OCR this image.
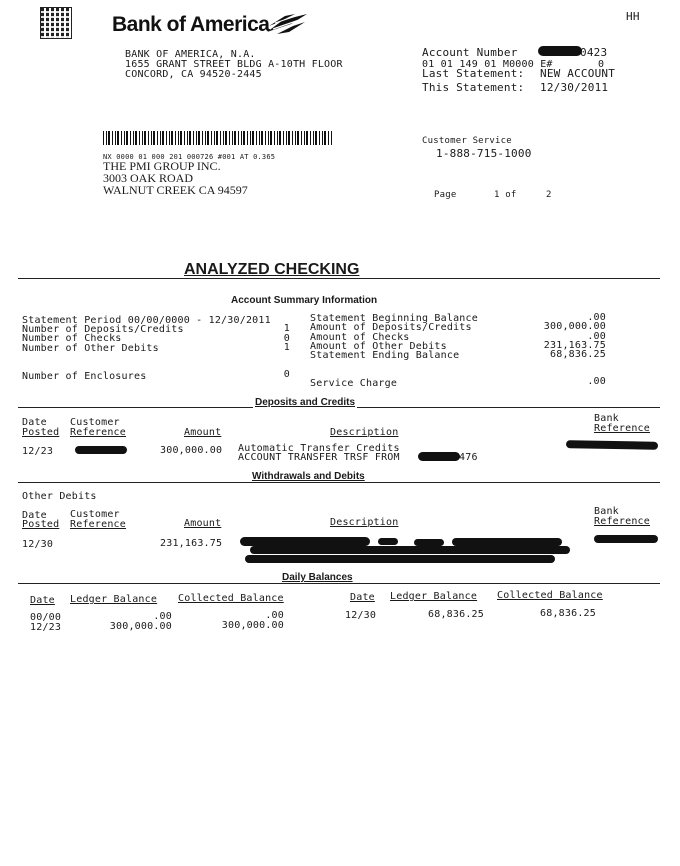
Bank of America	HH
BANK OF AMERICA, N.A.
1655 GRANT STREET BLDG A-10TH FLOOR
CONCORD, CA 94520-2445
Account Number	0423
01 01 149 01 M0000 E#	0
Last Statement: NEW ACCOUNT
This Statement: 12/30/2011
NX 0000 01 000 201 000726 #001 AT 0.365
THE PMI GROUP INC.
3003 OAK ROAD
WALNUT CREEK CA 94597
Customer Service
1-888-715-1000
Page	1 of	2
ANALYZED CHECKING
Account Summary Information
Statement Period 00/00/0000 - 12/30/2011
Number of Deposits/Credits	1
Number of Checks	0
Number of Other Debits	1
Statement Beginning Balance	.00
Amount of Deposits/Credits	300,000.00
Amount of Checks	.00
Amount of Other Debits	231,163.75
Statement Ending Balance	68,836.25
Number of Enclosures	0
Service Charge	.00
Deposits and Credits
Date
Posted
Customer
Reference	Amount	Description
Bank
Reference
12/23	300,000.00 Automatic Transfer Credits
ACCOUNT TRANSFER TRSF FROM	476
Withdrawals and Debits
Other Debits
Date
Posted
Customer
Reference	Amount	Description
Bank
Reference
12/30	231,163.75
Daily Balances
Date Ledger Balance Collected Balance	Date Ledger Balance Collected Balance
00/00	.00	.00
12/23	300,000.00	300,000.00
12/30	68,836.25	68,836.25
